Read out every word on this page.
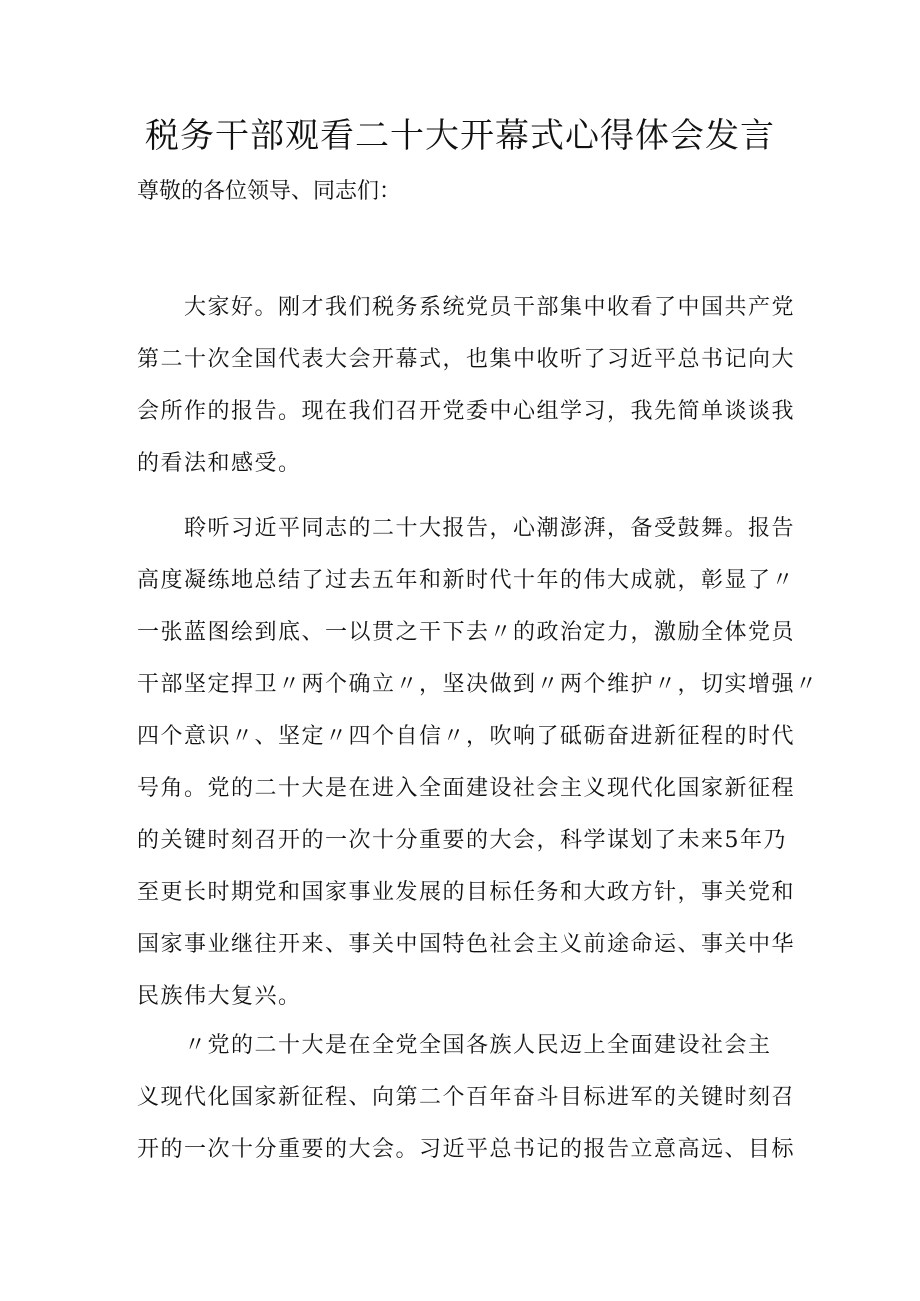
税务干部观看二十大开幕式心得体会发言
尊敬的各位领导、同志们：
　　大家好。刚才我们税务系统党员干部集中收看了中国共产党
第二十次全国代表大会开幕式，也集中收听了习近平总书记向大
会所作的报告。现在我们召开党委中心组学习，我先简单谈谈我
的看法和感受。
　　聆听习近平同志的二十大报告，心潮澎湃，备受鼓舞。报告
高度凝练地总结了过去五年和新时代十年的伟大成就，彰显了〃
一张蓝图绘到底、一以贯之干下去〃的政治定力，激励全体党员
干部坚定捍卫〃两个确立〃，坚决做到〃两个维护〃，切实增强〃
四个意识〃、坚定〃四个自信〃，吹响了砥砺奋进新征程的时代
号角。党的二十大是在进入全面建设社会主义现代化国家新征程
的关键时刻召开的一次十分重要的大会，科学谋划了未来5年乃
至更长时期党和国家事业发展的目标任务和大政方针，事关党和
国家事业继往开来、事关中国特色社会主义前途命运、事关中华
民族伟大复兴。
　　〃党的二十大是在全党全国各族人民迈上全面建设社会主
义现代化国家新征程、向第二个百年奋斗目标进军的关键时刻召
开的一次十分重要的大会。习近平总书记的报告立意高远、目标
